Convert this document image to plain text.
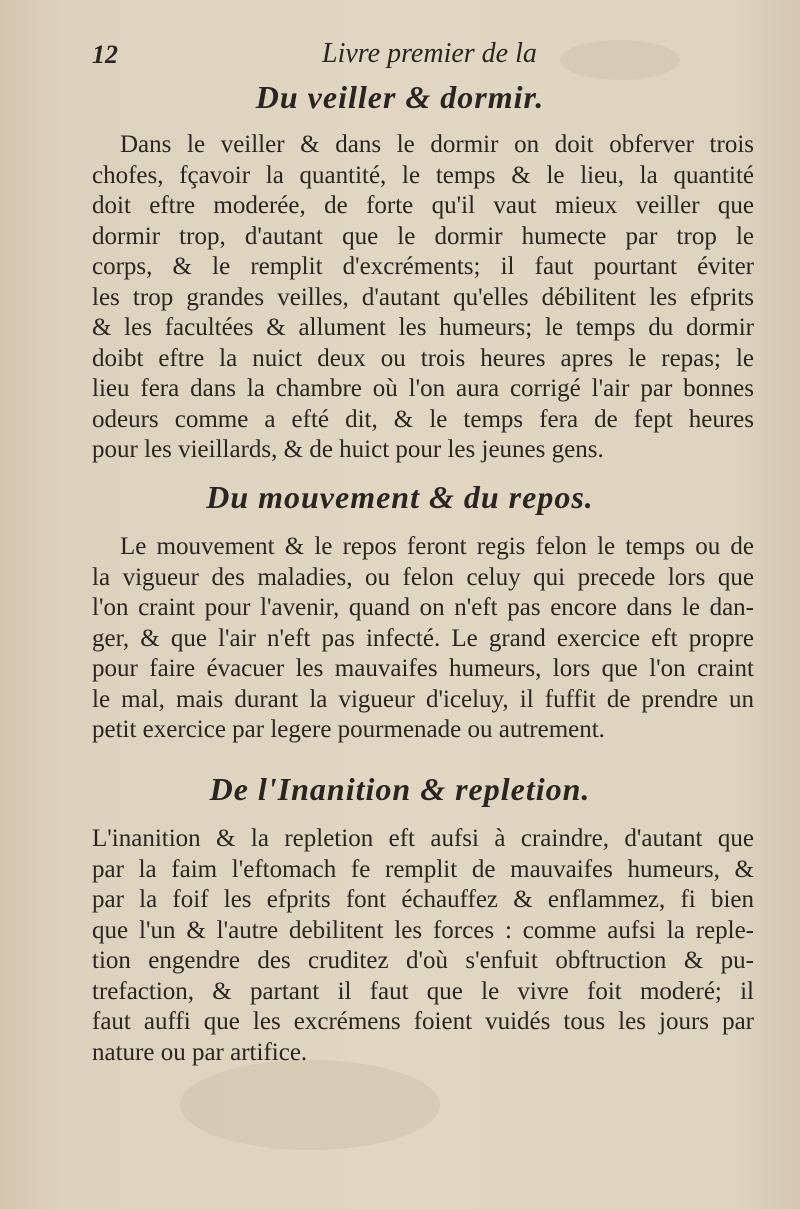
12	Livre premier de la
Du veiller & dormir.

Dans le veiller & dans le dormir on doit obferver trois
chofes, fçavoir la quantité, le temps & le lieu, la quantité
doit eftre moderée, de forte qu'il vaut mieux veiller que
dormir trop, d'autant que le dormir humecte par trop le
corps, & le remplit d'excréments; il faut pourtant éviter
les trop grandes veilles, d'autant qu'elles débilitent les efprits
& les facultées & allument les humeurs; le temps du dormir
doibt eftre la nuict deux ou trois heures apres le repas; le
lieu fera dans la chambre où l'on aura corrigé l'air par bonnes
odeurs comme a efté dit, & le temps fera de fept heures
pour les vieillards, & de huict pour les jeunes gens.

Du mouvement & du repos.

Le mouvement & le repos feront regis felon le temps ou de
la vigueur des maladies, ou felon celuy qui precede lors que
l'on craint pour l'avenir, quand on n'eft pas encore dans le dan-
ger, & que l'air n'eft pas infecté. Le grand exercice eft propre
pour faire évacuer les mauvaifes humeurs, lors que l'on craint
le mal, mais durant la vigueur d'iceluy, il fuffit de prendre un
petit exercice par legere pourmenade ou autrement.

De l'Inanition & repletion.

L'inanition & la repletion eft aufsi à craindre, d'autant que
par la faim l'eftomach fe remplit de mauvaifes humeurs, &
par la foif les efprits font échauffez & enflammez, fi bien
que l'un & l'autre debilitent les forces : comme aufsi la reple-
tion engendre des cruditez d'où s'enfuit obftruction & pu-
trefaction, & partant il faut que le vivre foit moderé; il
faut auffi que les excrémens foient vuidés tous les jours par
nature ou par artifice.
